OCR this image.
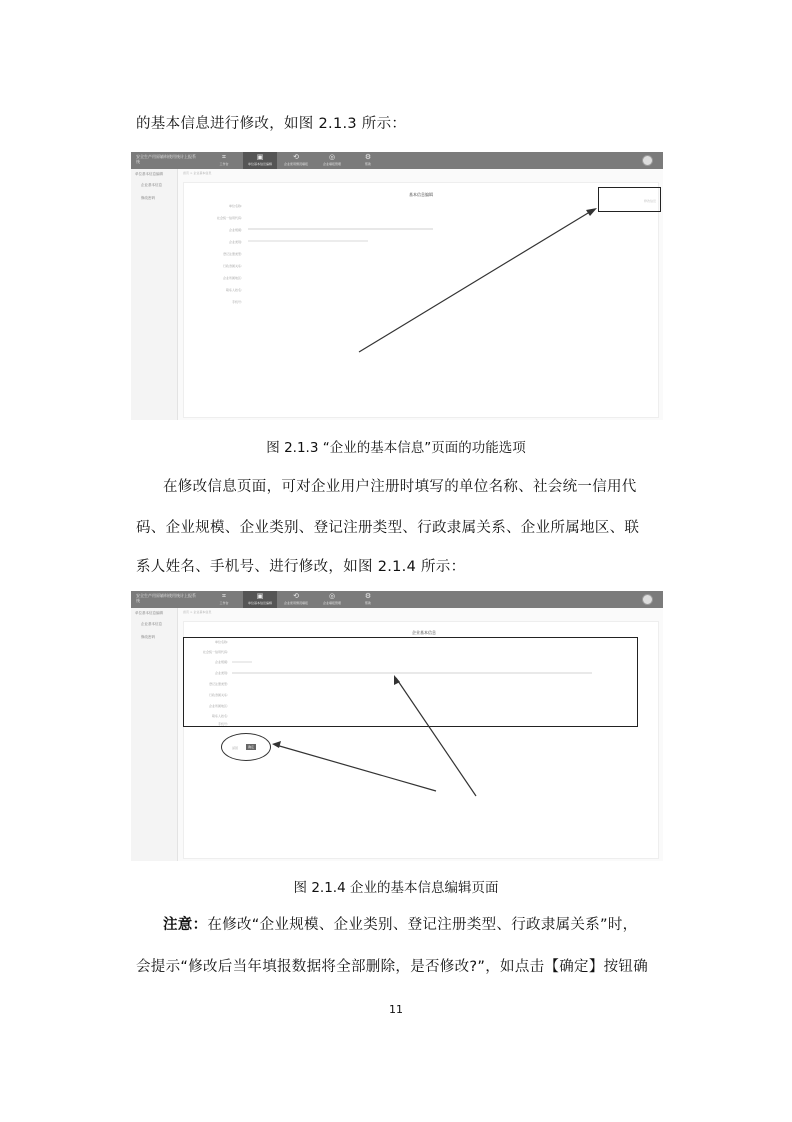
的基本信息进行修改，如图 2.1.3 所示：
安全生产用原辅料使用统计上报系统
⌗
工作台
▣
单位基本信息编辑
⟲
企业使用情况填报
◎
企业填报管理
⚙
帮助
单位基本信息编辑
企业基本信息
修改密码
首页 > 企业基本信息
基本信息编辑
单位名称：
社会统一信用代码：
企业规模：
企业类别：
登记注册类型：
行政隶属关系：
企业所属地区：
联系人姓名：
手机号：
修改信息
图 2.1.3 “企业的基本信息”页面的功能选项
在修改信息页面，可对企业用户注册时填写的单位名称、社会统一信用代
码、企业规模、企业类别、登记注册类型、行政隶属关系、企业所属地区、联
系人姓名、手机号、进行修改，如图 2.1.4 所示：
安全生产用原辅料使用统计上报系统
⌗
工作台
▣
单位基本信息编辑
⟲
企业使用情况填报
◎
企业填报管理
⚙
帮助
单位基本信息编辑
企业基本信息
修改密码
首页 > 企业基本信息
企业基本信息
单位名称：
社会统一信用代码：
企业规模：
企业类别：
登记注册类型：
行政隶属关系：
企业所属地区：
联系人姓名：
手机号：
返回	确定
图 2.1.4 企业的基本信息编辑页面
注意：在修改“企业规模、企业类别、登记注册类型、行政隶属关系”时，
会提示“修改后当年填报数据将全部删除，是否修改?”，如点击【确定】按钮确
11
